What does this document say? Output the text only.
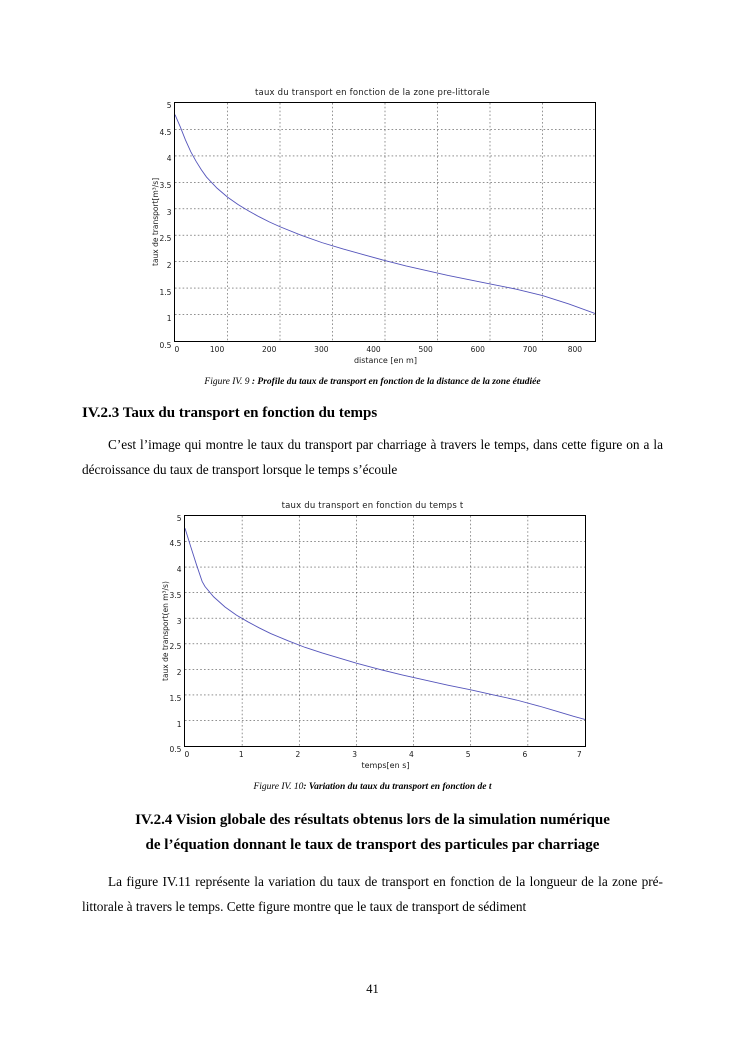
taux du transport en fonction de la zone pre-littorale
taux de transport[m³/s]
5
4.5
4
3.5
3
2.5
2
1.5
1
0.5 0	100	200	300	400	500	600	700	800
distance [en m]
Figure IV. 9 : Profile du taux de transport en fonction de la distance de la zone étudiée
IV.2.3 Taux du transport en fonction du temps

C’est l’image qui montre le taux du transport par charriage à travers le temps, dans cette figure on a la décroissance du taux de transport lorsque le temps s’écoule

taux du transport en fonction du temps t
taux de transport(en m³/s)
5
4.5
4
3.5
3
2.5
2
1.5
1
0.5 0	1	2	3	4	5	6	7
temps[en s]
Figure IV. 10: Variation du taux du transport en fonction de t
IV.2.4 Vision globale des résultats obtenus lors de la simulation numérique
de l’équation donnant le taux de transport des particules par charriage

La figure IV.11 représente la variation du taux de transport en fonction de la longueur de la zone pré-littorale à travers le temps. Cette figure montre que le taux de transport de sédiment

41
